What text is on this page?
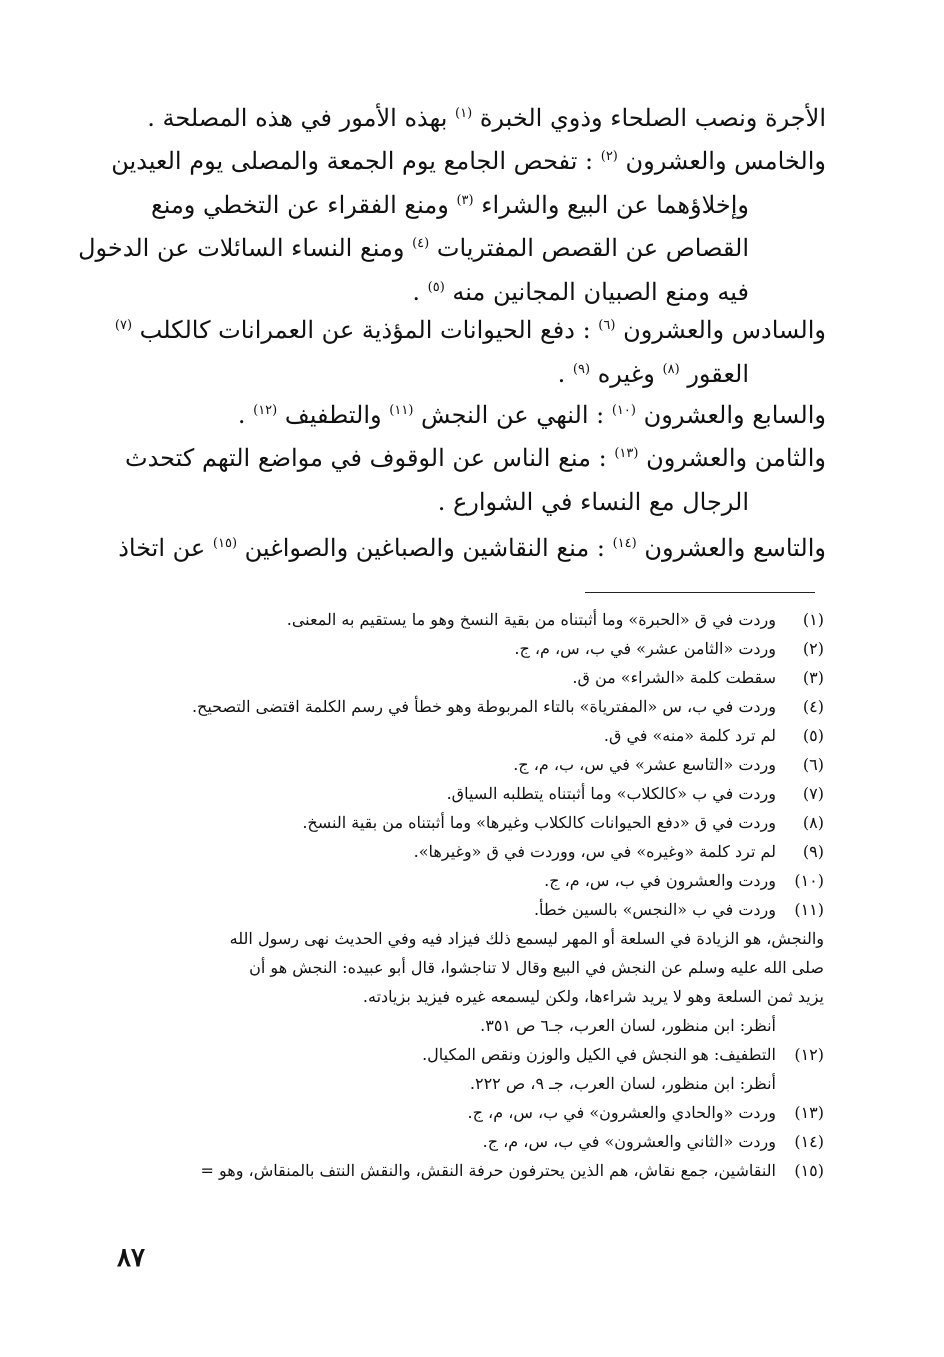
الأجرة ونصب الصلحاء وذوي الخبرة $^{(١)}$ بهذه الأمور في هذه المصلحة .
والخامس والعشرون $^{(٢)}$ : تفحص الجامع يوم الجمعة والمصلى يوم العيدين
وإخلاؤهما عن البيع والشراء $^{(٣)}$ ومنع الفقراء عن التخطي ومنع
القصاص عن القصص المفتريات $^{(٤)}$ ومنع النساء السائلات عن الدخول
فيه ومنع الصبيان المجانين منه $^{(٥)}$ .
والسادس والعشرون $^{(٦)}$ : دفع الحيوانات المؤذية عن العمرانات كالكلب $^{(٧)}$
العقور $^{(٨)}$ وغيره $^{(٩)}$ .
والسابع والعشرون $^{(١٠)}$ : النهي عن النجش $^{(١١)}$ والتطفيف $^{(١٢)}$ .
والثامن والعشرون $^{(١٣)}$ : منع الناس عن الوقوف في مواضع التهم كتحدث
الرجال مع النساء في الشوارع .
والتاسع والعشرون $^{(١٤)}$ : منع النقاشين والصباغين والصواغين $^{(١٥)}$ عن اتخاذ
(١)وردت في ق «الحبرة» وما أثبتناه من بقية النسخ وهو ما يستقيم به المعنى.
(٢)وردت «الثامن عشر» في ب، س، م، ج.
(٣)سقطت كلمة «الشراء» من ق.
(٤)وردت في ب، س «المفترياة» بالتاء المربوطة وهو خطأ في رسم الكلمة اقتضى التصحيح.
(٥)لم ترد كلمة «منه» في ق.
(٦)وردت «التاسع عشر» في س، ب، م، ج.
(٧)وردت في ب «كالكلاب» وما أثبتناه يتطلبه السياق.
(٨)وردت في ق «دفع الحيوانات كالكلاب وغيرها» وما أثبتناه من بقية النسخ.
(٩)لم ترد كلمة «وغيره» في س، ووردت في ق «وغيرها».
(١٠)وردت والعشرون في ب، س، م، ج.
(١١)وردت في ب «النجس» بالسين خطأ.
والنجش، هو الزيادة في السلعة أو المهر ليسمع ذلك فيزاد فيه وفي الحديث نهى رسول الله
صلى الله عليه وسلم عن النجش في البيع وقال لا تناجشوا، قال أبو عبيده: النجش هو أن
يزيد ثمن السلعة وهو لا يريد شراءها، ولكن ليسمعه غيره فيزيد بزيادته.
أنظر: ابن منظور، لسان العرب، جـ٦ ص ٣٥١.
(١٢)التطفيف: هو النجش في الكيل والوزن ونقص المكيال.
أنظر: ابن منظور، لسان العرب، جـ ٩، ص ٢٢٢.
(١٣)وردت «والحادي والعشرون» في ب، س، م، ج.
(١٤)وردت «الثاني والعشرون» في ب، س، م، ج.
(١٥)النقاشين، جمع نقاش، هم الذين يحترفون حرفة النقش، والنقش النتف بالمنقاش، وهو =
٨٧
